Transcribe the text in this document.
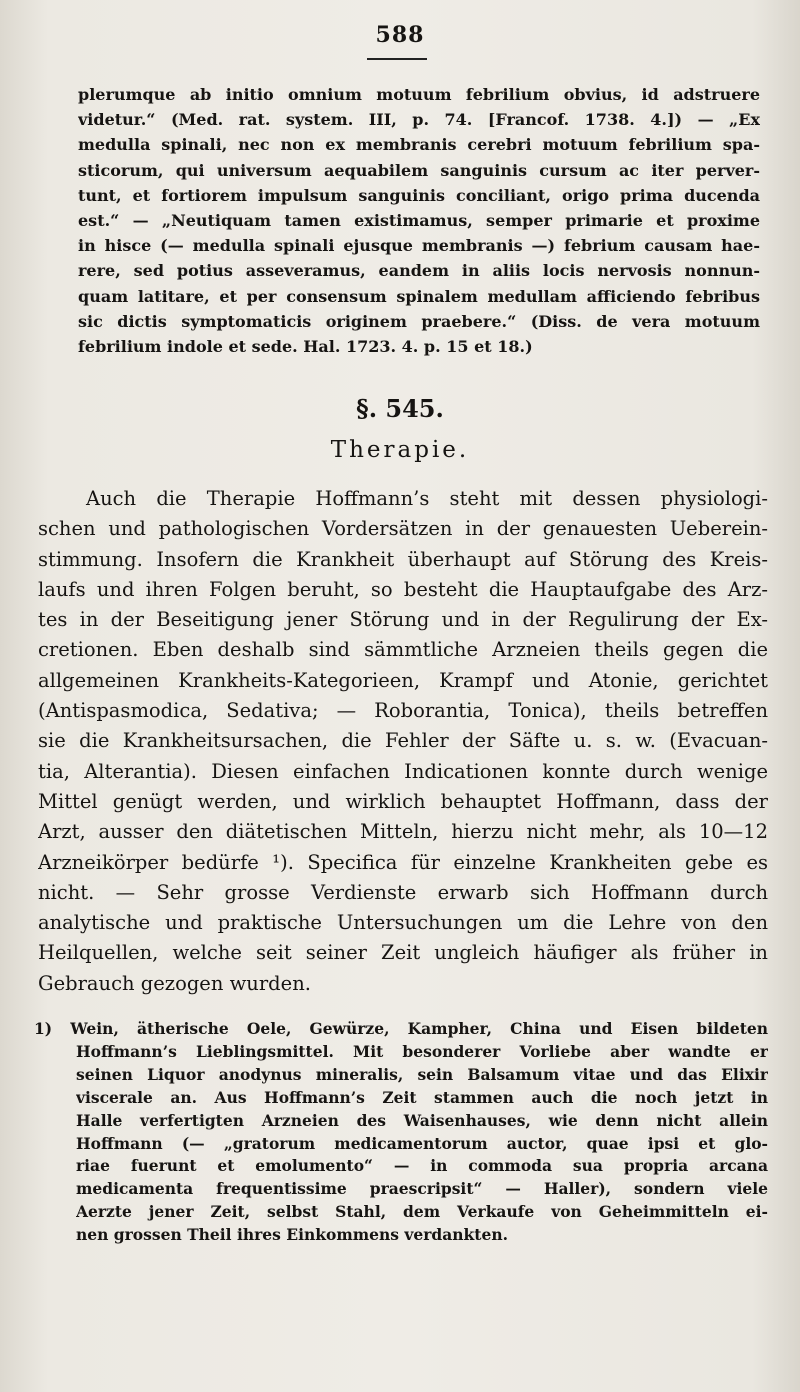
588
plerumque ab initio omnium motuum febrilium obvius, id adstruere
videtur.“ (Med. rat. system. III, p. 74. [Francof. 1738. 4.]) — „Ex
medulla spinali, nec non ex membranis cerebri motuum febrilium spa-
sticorum, qui universum aequabilem sanguinis cursum ac iter perver-
tunt, et fortiorem impulsum sanguinis conciliant, origo prima ducenda
est.“ — „Neutiquam tamen existimamus, semper primarie et proxime
in hisce (— medulla spinali ejusque membranis —) febrium causam hae-
rere, sed potius asseveramus, eandem in aliis locis nervosis nonnun-
quam latitare, et per consensum spinalem medullam afficiendo febribus
sic dictis symptomaticis originem praebere.“ (Diss. de vera motuum
febrilium indole et sede. Hal. 1723. 4. p. 15 et 18.)
§. 545.
Therapie.
Auch die Therapie Hoffmann’s steht mit dessen physiologi-
schen und pathologischen Vordersätzen in der genauesten Ueberein-
stimmung. Insofern die Krankheit überhaupt auf Störung des Kreis-
laufs und ihren Folgen beruht, so besteht die Hauptaufgabe des Arz-
tes in der Beseitigung jener Störung und in der Regulirung der Ex-
cretionen. Eben deshalb sind sämmtliche Arzneien theils gegen die
allgemeinen Krankheits-Kategorieen, Krampf und Atonie, gerichtet
(Antispasmodica, Sedativa; — Roborantia, Tonica), theils betreffen
sie die Krankheitsursachen, die Fehler der Säfte u. s. w. (Evacuan-
tia, Alterantia). Diesen einfachen Indicationen konnte durch wenige
Mittel genügt werden, und wirklich behauptet Hoffmann, dass der
Arzt, ausser den diätetischen Mitteln, hierzu nicht mehr, als 10—12
Arzneikörper bedürfe ¹). Specifica für einzelne Krankheiten gebe es
nicht. — Sehr grosse Verdienste erwarb sich Hoffmann durch
analytische und praktische Untersuchungen um die Lehre von den
Heilquellen, welche seit seiner Zeit ungleich häufiger als früher in
Gebrauch gezogen wurden.
1) Wein, ätherische Oele, Gewürze, Kampher, China und Eisen bildeten
Hoffmann’s Lieblingsmittel. Mit besonderer Vorliebe aber wandte er
seinen Liquor anodynus mineralis, sein Balsamum vitae und das Elixir
viscerale an. Aus Hoffmann’s Zeit stammen auch die noch jetzt in
Halle verfertigten Arzneien des Waisenhauses, wie denn nicht allein
Hoffmann (— „gratorum medicamentorum auctor, quae ipsi et glo-
riae fuerunt et emolumento“ — in commoda sua propria arcana
medicamenta frequentissime praescripsit“ — Haller), sondern viele
Aerzte jener Zeit, selbst Stahl, dem Verkaufe von Geheimmitteln ei-
nen grossen Theil ihres Einkommens verdankten.
